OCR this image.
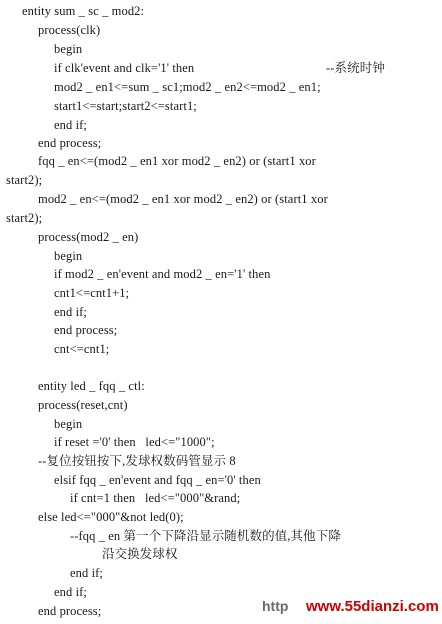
entity sum _ sc _ mod2:
process(clk)
begin
if clk'event and clk='1' then	--系统时钟
mod2 _ en1<=sum _ sc1;mod2 _ en2<=mod2 _ en1;
start1<=start;start2<=start1;
end if;
end process;
fqq _ en<=(mod2 _ en1 xor mod2 _ en2) or (start1 xor
start2);
mod2 _ en<=(mod2 _ en1 xor mod2 _ en2) or (start1 xor
start2);
process(mod2 _ en)
begin
if mod2 _ en'event and mod2 _ en='1' then
cnt1<=cnt1+1;
end if;
end process;
cnt<=cnt1;
entity led _ fqq _ ctl:
process(reset,cnt)
begin
if reset ='0' then   led<="1000";
--复位按钮按下,发球权数码管显示 8
elsif fqq _ en'event and fqq _ en='0' then
if cnt=1 then   led<="000"&rand;
else led<="000"&not led(0);
--fqq _ en 第一个下降沿显示随机数的值,其他下降
沿交换发球权
end if;
end if;
end process;	http www.55dianzi.com
